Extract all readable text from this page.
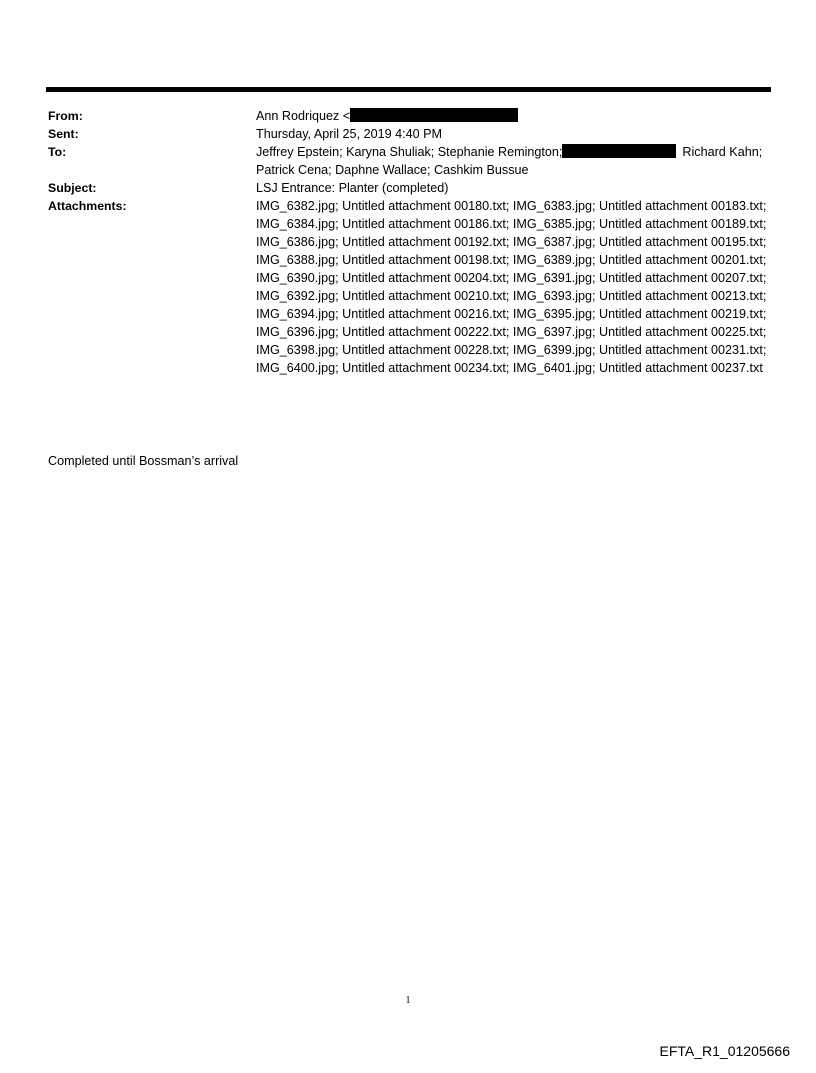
From:	Ann Rodriquez <
Sent:	Thursday, April 25, 2019 4:40 PM
To:	Jeffrey Epstein; Karyna Shuliak; Stephanie Remington;	Richard Kahn; Patrick Cena; Daphne Wallace; Cashkim Bussue
Subject:	LSJ Entrance: Planter (completed)
Attachments:	IMG_6382.jpg; Untitled attachment 00180.txt; IMG_6383.jpg; Untitled attachment 00183.txt; IMG_6384.jpg; Untitled attachment 00186.txt; IMG_6385.jpg; Untitled attachment 00189.txt; IMG_6386.jpg; Untitled attachment 00192.txt; IMG_6387.jpg; Untitled attachment 00195.txt; IMG_6388.jpg; Untitled attachment 00198.txt; IMG_6389.jpg; Untitled attachment 00201.txt; IMG_6390.jpg; Untitled attachment 00204.txt; IMG_6391.jpg; Untitled attachment 00207.txt; IMG_6392.jpg; Untitled attachment 00210.txt; IMG_6393.jpg; Untitled attachment 00213.txt; IMG_6394.jpg; Untitled attachment 00216.txt; IMG_6395.jpg; Untitled attachment 00219.txt; IMG_6396.jpg; Untitled attachment 00222.txt; IMG_6397.jpg; Untitled attachment 00225.txt; IMG_6398.jpg; Untitled attachment 00228.txt; IMG_6399.jpg; Untitled attachment 00231.txt; IMG_6400.jpg; Untitled attachment 00234.txt; IMG_6401.jpg; Untitled attachment 00237.txt
Completed until Bossman’s arrival
1
EFTA_R1_01205666
